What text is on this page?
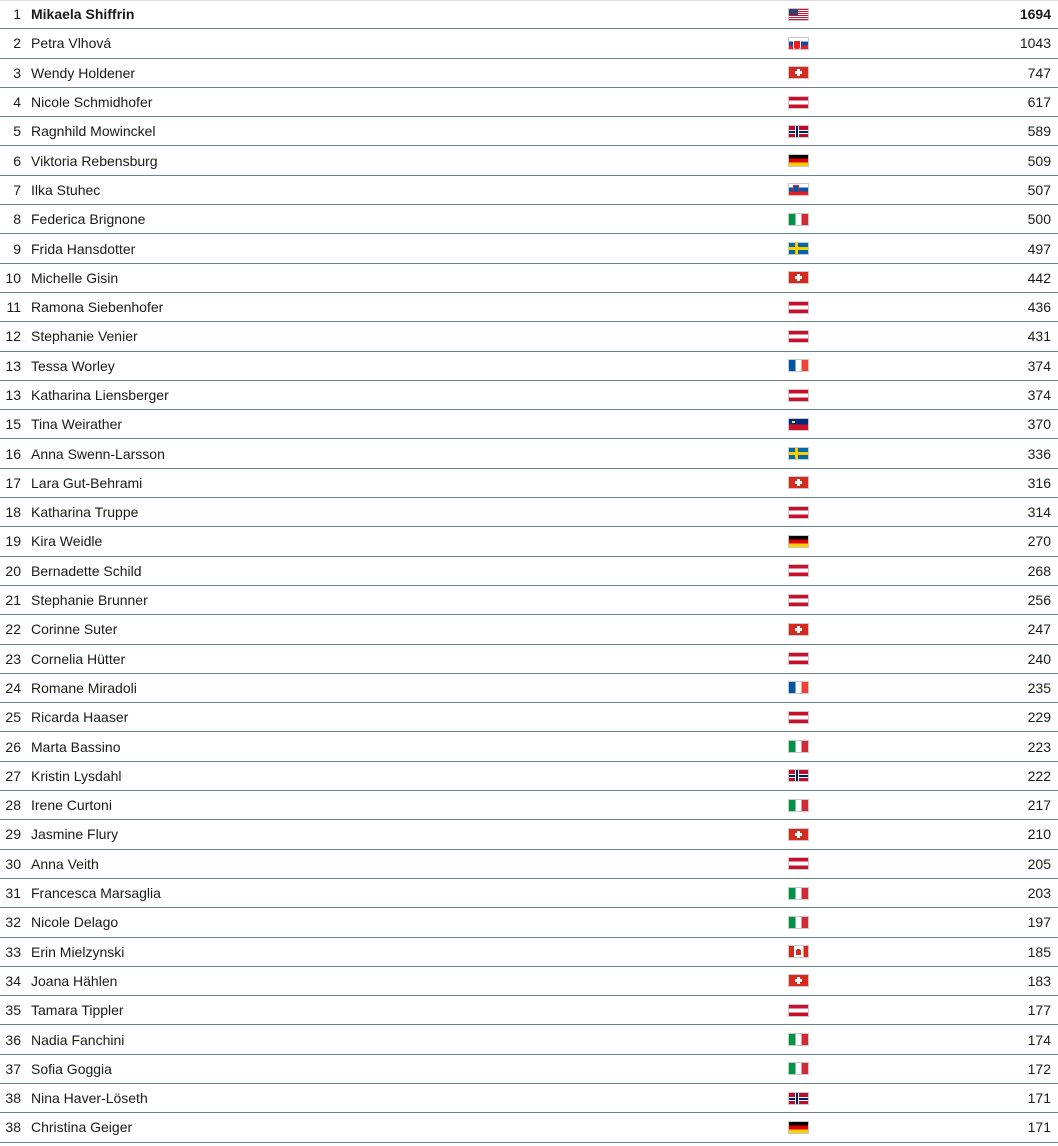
1 Mikaela Shiffrin	1694
2 Petra Vlhová	1043
3 Wendy Holdener	747
4 Nicole Schmidhofer	617
5 Ragnhild Mowinckel	589
6 Viktoria Rebensburg	509
7 Ilka Stuhec	507
8 Federica Brignone	500
9 Frida Hansdotter	497
10 Michelle Gisin	442
11 Ramona Siebenhofer	436
12 Stephanie Venier	431
13 Tessa Worley	374
13 Katharina Liensberger	374
15 Tina Weirather	370
16 Anna Swenn-Larsson	336
17 Lara Gut-Behrami	316
18 Katharina Truppe	314
19 Kira Weidle	270
20 Bernadette Schild	268
21 Stephanie Brunner	256
22 Corinne Suter	247
23 Cornelia Hütter	240
24 Romane Miradoli	235
25 Ricarda Haaser	229
26 Marta Bassino	223
27 Kristin Lysdahl	222
28 Irene Curtoni	217
29 Jasmine Flury	210
30 Anna Veith	205
31 Francesca Marsaglia	203
32 Nicole Delago	197
33 Erin Mielzynski	185
34 Joana Hählen	183
35 Tamara Tippler	177
36 Nadia Fanchini	174
37 Sofia Goggia	172
38 Nina Haver-Löseth	171
38 Christina Geiger	171
